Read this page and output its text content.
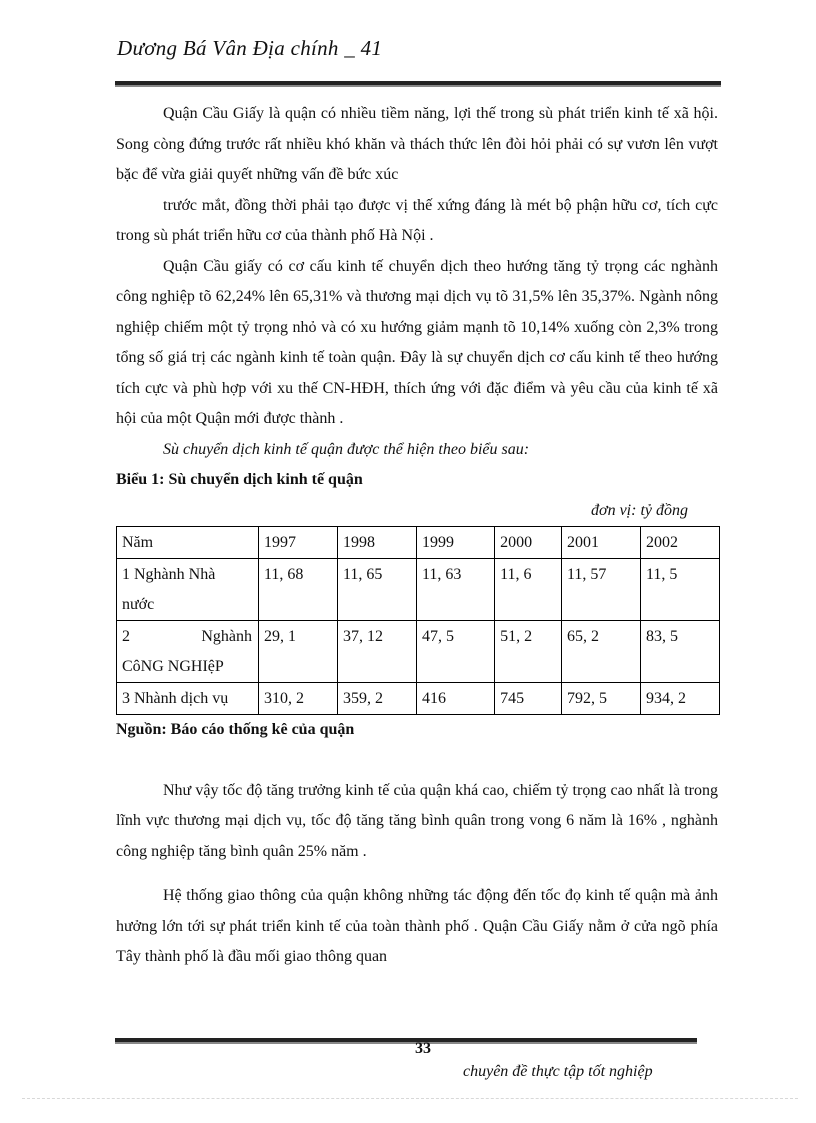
Dương Bá Vân Địa chính _ 41

Quận Cầu Giấy là quận có nhiều tiềm năng, lợi thế trong sù phát triển kinh tế xã hội. Song còng đứng trước rất nhiều khó khăn và thách thức lên đòi hỏi phải có sự vươn lên vượt bặc để vừa giải quyết những vấn đề bức xúc

trước mắt, đồng thời phải tạo được vị thế xứng đáng là mét bộ phận hữu cơ, tích cực trong sù phát triển hữu cơ của thành phố Hà Nội .

Quận Cầu giấy có cơ cấu kinh tế chuyển dịch theo hướng tăng tỷ trọng các nghành công nghiệp tõ 62,24% lên 65,31% và thương mại dịch vụ tõ 31,5% lên 35,37%. Ngành nông nghiệp chiếm một tỷ trọng nhỏ và có xu hướng giảm mạnh tõ 10,14% xuống còn 2,3% trong tổng số giá trị các ngành kinh tế toàn quận. Đây là sự chuyển dịch cơ cấu kinh tế theo hướng tích cực và phù hợp với xu thế CN-HĐH, thích ứng với đặc điểm và yêu cầu của kinh tế xã hội của một Quận mới được thành .

Sù chuyển dịch kinh tế quận được thể hiện theo biểu sau:

Biểu 1: Sù chuyển dịch kinh tế quận

đơn vị: tỷ đồng

Năm	1997	1998	1999	2000	2001	2002

1 Nghành Nhà
nước	11, 68	11, 65	11, 63	11, 6	11, 57	11, 5

2 Nghành
CôNG NGHIệP	29, 1	37, 12	47, 5	51, 2	65, 2	83, 5
3 Nhành dịch vụ	310, 2	359, 2	416	745	792, 5	934, 2

Nguồn: Báo cáo thống kê của quận

Như vậy tốc độ tăng trưởng kinh tế của quận khá cao, chiếm tỷ trọng cao nhất là trong lĩnh vực thương mại dịch vụ, tốc độ tăng tăng bình quân trong vong 6 năm là 16% , nghành công nghiệp tăng bình quân 25% năm .

Hệ thống giao thông của quận không những tác động đến tốc đọ kinh tế quận mà ảnh hưởng lớn tới sự phát triển kinh tế của toàn thành phố . Quận Cầu Giấy nằm ở cửa ngõ phía Tây thành phố là đầu mối giao thông quan

33
chuyên đề thực tập tốt nghiệp
